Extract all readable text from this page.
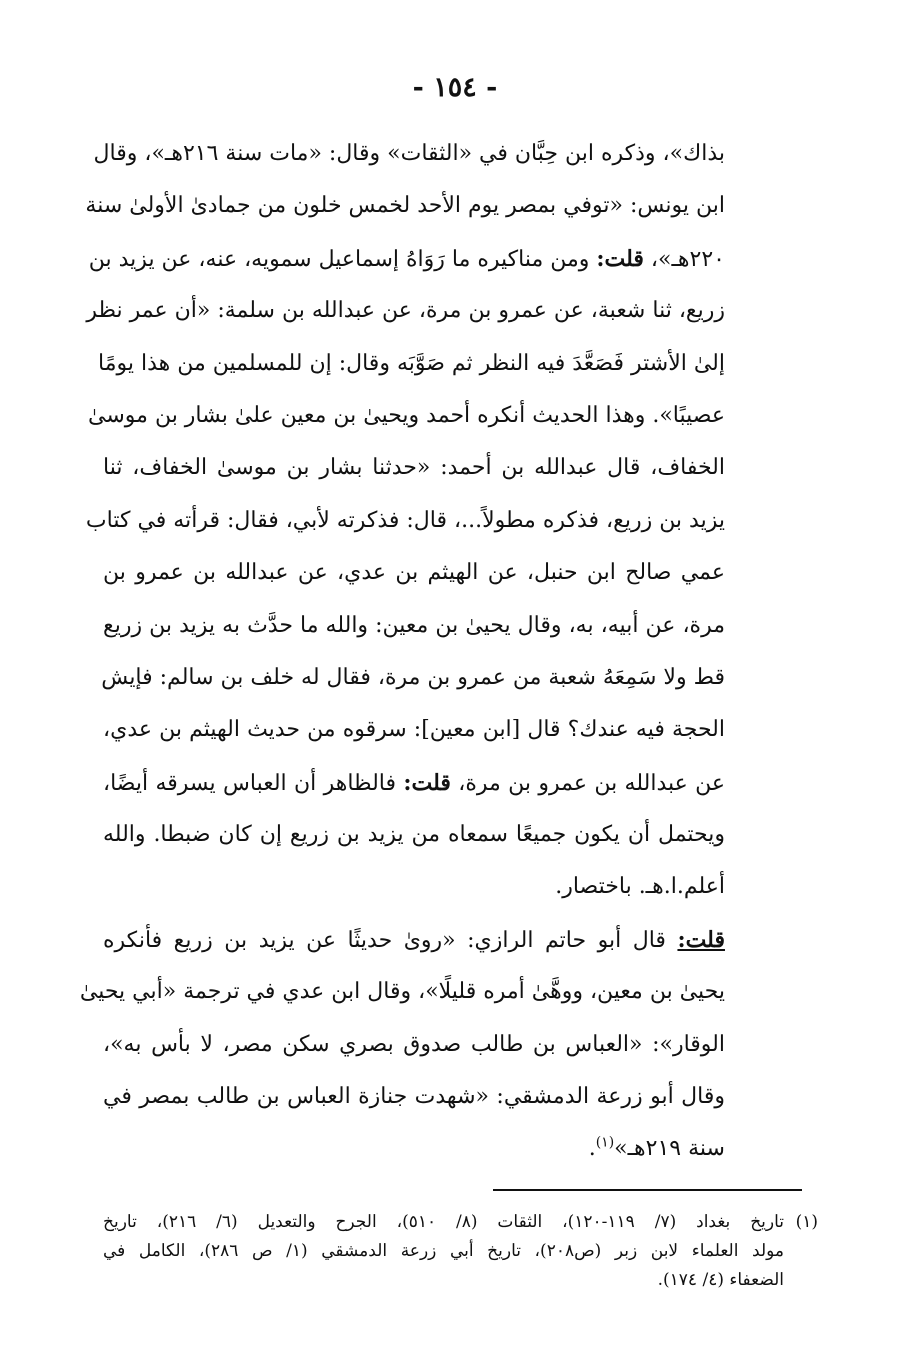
- ١٥٤ -
بذاك»، وذكره ابن حِبَّان في «الثقات» وقال: «مات سنة ٢١٦هـ»، وقال
ابن يونس: «توفي بمصر يوم الأحد لخمس خلون من جمادىٰ الأولىٰ سنة
٢٢٠هـ»، قلت: ومن مناكيره ما رَوَاهُ إسماعيل سمويه، عنه، عن يزيد بن
زريع، ثنا شعبة، عن عمرو بن مرة، عن عبدالله بن سلمة: «أن عمر نظر
إلىٰ الأشتر فَصَعَّدَ فيه النظر ثم صَوَّبَه وقال: إن للمسلمين من هذا يومًا
عصيبًا». وهذا الحديث أنكره أحمد ويحيىٰ بن معين علىٰ بشار بن موسىٰ
الخفاف، قال عبدالله بن أحمد: «حدثنا بشار بن موسىٰ الخفاف، ثنا
يزيد بن زريع، فذكره مطولاً...، قال: فذكرته لأبي، فقال: قرأته في كتاب
عمي صالح ابن حنبل، عن الهيثم بن عدي، عن عبدالله بن عمرو بن
مرة، عن أبيه، به، وقال يحيىٰ بن معين: والله ما حدَّث به يزيد بن زريع
قط ولا سَمِعَهُ شعبة من عمرو بن مرة، فقال له خلف بن سالم: فإيش
الحجة فيه عندك؟ قال [ابن معين]: سرقوه من حديث الهيثم بن عدي،
عن عبدالله بن عمرو بن مرة، قلت: فالظاهر أن العباس يسرقه أيضًا،
ويحتمل أن يكون جميعًا سمعاه من يزيد بن زريع إن كان ضبطا. والله
أعلم.ا.هـ. باختصار.
قلت: قال أبو حاتم الرازي: «روىٰ حديثًا عن يزيد بن زريع فأنكره
يحيىٰ بن معين، ووهَّىٰ أمره قليلًا»، وقال ابن عدي في ترجمة «أبي يحيىٰ
الوقار»: «العباس بن طالب صدوق بصري سكن مصر، لا بأس به»،
وقال أبو زرعة الدمشقي: «شهدت جنازة العباس بن طالب بمصر في
سنة ٢١٩هـ»$^{(١)}$.
(١)تاريخ بغداد (٧/ ١١٩-١٢٠)، الثقات (٨/ ٥١٠)، الجرح والتعديل (٦/ ٢١٦)، تاريخ
مولد العلماء لابن زبر (ص٢٠٨)، تاريخ أبي زرعة الدمشقي (١/ ص ٢٨٦)، الكامل في
الضعفاء (٤/ ١٧٤).
